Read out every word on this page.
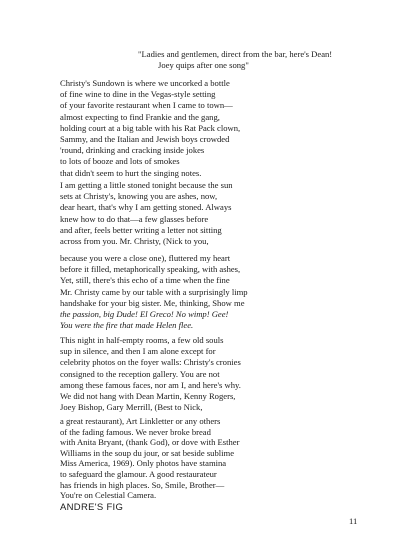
"Ladies and gentlemen, direct from the bar, here's Dean!
Joey quips after one song"
Christy's Sundown is where we uncorked a bottle
of fine wine to dine in the Vegas-style setting
of your favorite restaurant when I came to town—
almost expecting to find Frankie and the gang,
holding court at a big table with his Rat Pack clown,
Sammy, and the Italian and Jewish boys crowded
'round, drinking and cracking inside jokes
to lots of booze and lots of smokes
that didn't seem to hurt the singing notes.
I am getting a little stoned tonight because the sun
sets at Christy's, knowing you are ashes, now,
dear heart, that's why I am getting stoned. Always
knew how to do that—a few glasses before
and after, feels better writing a letter not sitting
across from you. Mr. Christy, (Nick to you,
because you were a close one), fluttered my heart
before it filled, metaphorically speaking, with ashes,
Yet, still, there's this echo of a time when the fine
Mr. Christy came by our table with a surprisingly limp
handshake for your big sister. Me, thinking, Show me
the passion, big Dude! El Greco! No wimp! Gee!
You were the fire that made Helen flee.
This night in half-empty rooms, a few old souls
sup in silence, and then I am alone except for
celebrity photos on the foyer walls: Christy's cronies
consigned to the reception gallery. You are not
among these famous faces, nor am I, and here's why.
We did not hang with Dean Martin, Kenny Rogers,
Joey Bishop, Gary Merrill, (Best to Nick,
a great restaurant), Art Linkletter or any others
of the fading famous. We never broke bread
with Anita Bryant, (thank God), or dove with Esther
Williams in the soup du jour, or sat beside sublime
Miss America, 1969). Only photos have stamina
to safeguard the glamour. A good restaurateur
has friends in high places. So, Smile, Brother—
You're on Celestial Camera.
ANDRE'S FIG
11
